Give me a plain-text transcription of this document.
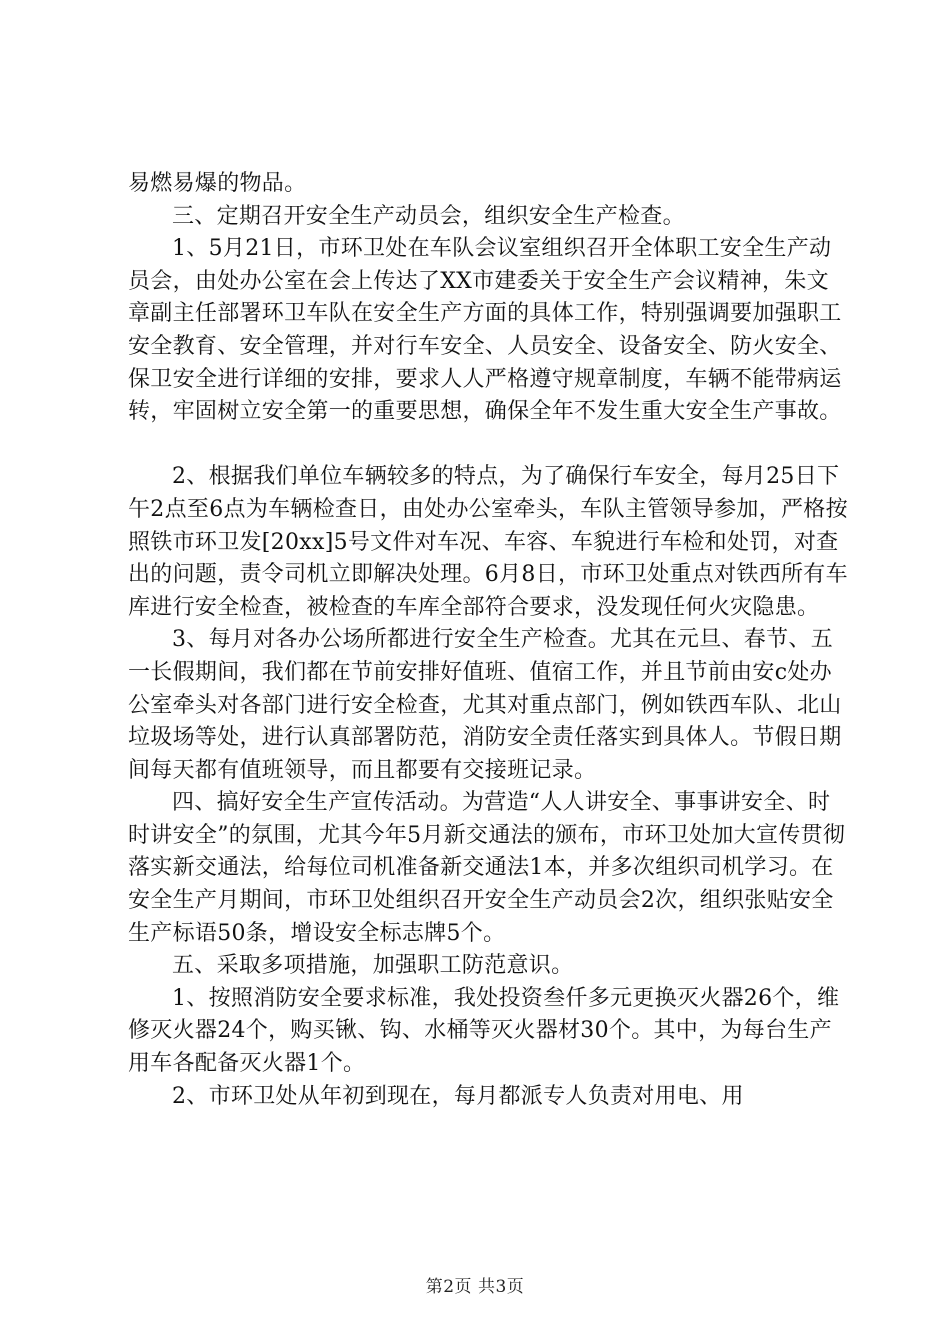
易燃易爆的物品。

三、定期召开安全生产动员会，组织安全生产检查。

1、5月21日，市环卫处在车队会议室组织召开全体职工安全生产动员会，由处办公室在会上传达了XX市建委关于安全生产会议精神，朱文章副主任部署环卫车队在安全生产方面的具体工作，特别强调要加强职工安全教育、安全管理，并对行车安全、人员安全、设备安全、防火安全、保卫安全进行详细的安排，要求人人严格遵守规章制度，车辆不能带病运转，牢固树立安全第一的重要思想，确保全年不发生重大安全生产事故。

2、根据我们单位车辆较多的特点，为了确保行车安全，每月25日下午2点至6点为车辆检查日，由处办公室牵头，车队主管领导参加，严格按照铁市环卫发[20xx]5号文件对车况、车容、车貌进行车检和处罚，对查出的问题，责令司机立即解决处理。6月8日，市环卫处重点对铁西所有车库进行安全检查，被检查的车库全部符合要求，没发现任何火灾隐患。

3、每月对各办公场所都进行安全生产检查。尤其在元旦、春节、五一长假期间，我们都在节前安排好值班、值宿工作，并且节前由安c处办公室牵头对各部门进行安全检查，尤其对重点部门，例如铁西车队、北山垃圾场等处，进行认真部署防范，消防安全责任落实到具体人。节假日期间每天都有值班领导，而且都要有交接班记录。

四、搞好安全生产宣传活动。为营造“人人讲安全、事事讲安全、时时讲安全”的氛围，尤其今年5月新交通法的颁布，市环卫处加大宣传贯彻落实新交通法，给每位司机准备新交通法1本，并多次组织司机学习。在安全生产月期间，市环卫处组织召开安全生产动员会2次，组织张贴安全生产标语50条，增设安全标志牌5个。

五、采取多项措施，加强职工防范意识。

1、按照消防安全要求标准，我处投资叁仟多元更换灭火器26个，维修灭火器24个，购买锹、钩、水桶等灭火器材30个。其中，为每台生产用车各配备灭火器1个。

2、市环卫处从年初到现在，每月都派专人负责对用电、用

第2页 共3页
